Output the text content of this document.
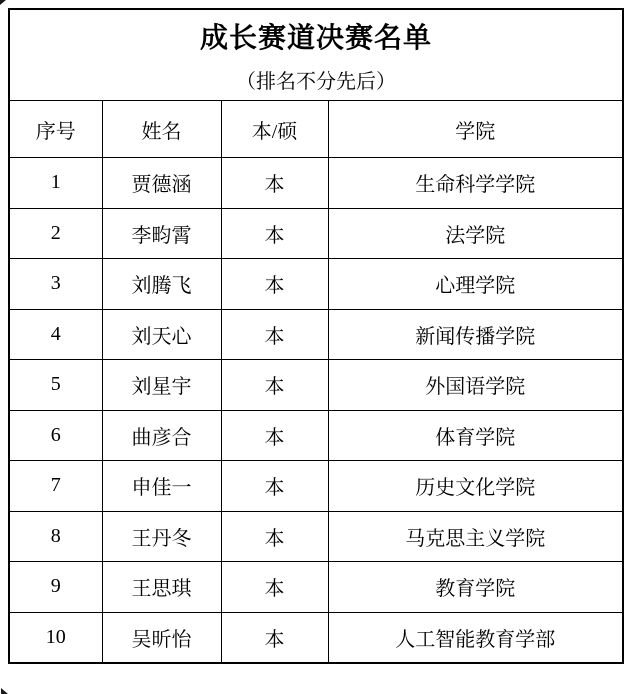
成长赛道决赛名单
（排名不分先后）			

序号	姓名	本/硕	学院
1	贾德涵	本	生命科学学院
2	李畇霄	本	法学院
3	刘腾飞	本	心理学院
4	刘天心	本	新闻传播学院
5	刘星宇	本	外国语学院
6	曲彦合	本	体育学院
7	申佳一	本	历史文化学院
8	王丹冬	本	马克思主义学院
9	王思琪	本	教育学院
10	吴昕怡	本	人工智能教育学部
